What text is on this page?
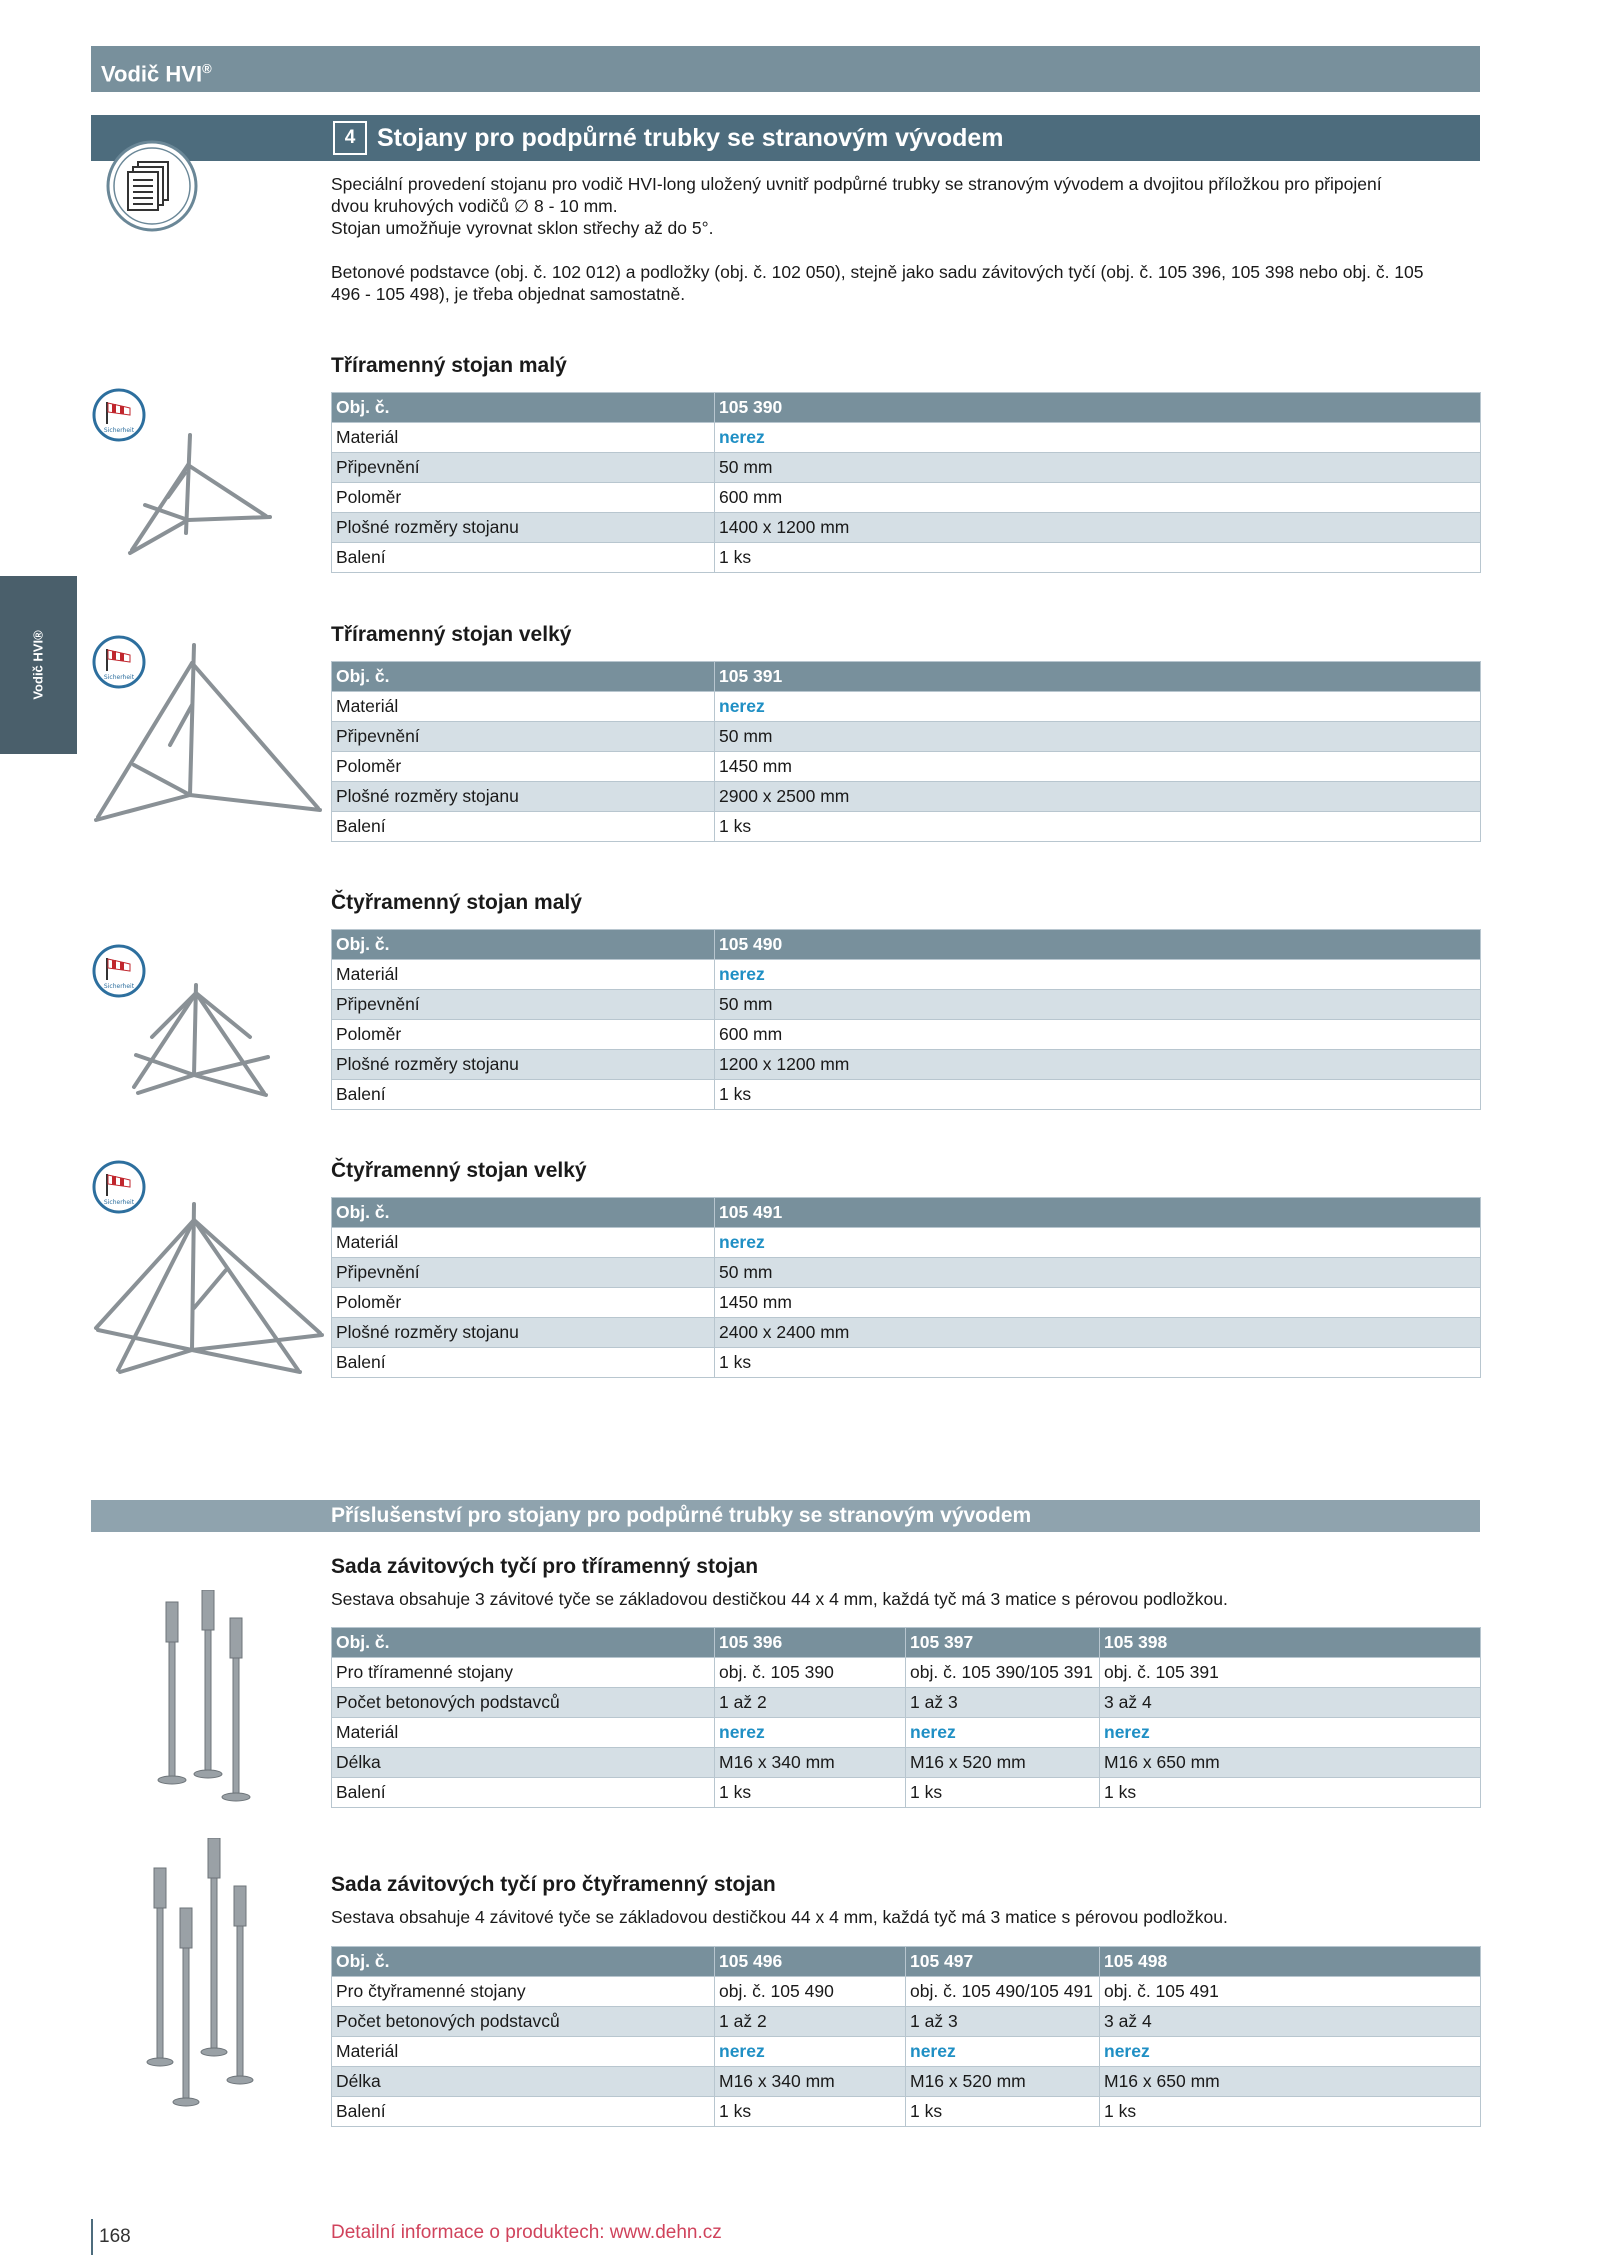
Vodič HVI®
4 Stojany pro podpůrné trubky se stranovým vývodem
Speciální provedení stojanu pro vodič HVI-long uložený uvnitř podpůrné trubky se stranovým vývodem a dvojitou příložkou pro připojení
dvou kruhových vodičů ∅ 8 - 10 mm.
Stojan umožňuje vyrovnat sklon střechy až do 5°.
Betonové podstavce (obj. č. 102 012) a podložky (obj. č. 102 050), stejně jako sadu závitových tyčí (obj. č. 105 396, 105 398 nebo obj. č. 105
496 - 105 498), je třeba objednat samostatně.
Vodič HVI®
Sicherheit
Tříramenný stojan malý
Obj. č.	105 390
Materiál	nerez
Připevnění	50 mm
Poloměr	600 mm
Plošné rozměry stojanu	1400 x 1200 mm
Balení	1 ks
Sicherheit
Tříramenný stojan velký
Obj. č.	105 391
Materiál	nerez
Připevnění	50 mm
Poloměr	1450 mm
Plošné rozměry stojanu	2900 x 2500 mm
Balení	1 ks
Sicherheit
Čtyřramenný stojan malý
Obj. č.	105 490
Materiál	nerez
Připevnění	50 mm
Poloměr	600 mm
Plošné rozměry stojanu	1200 x 1200 mm
Balení	1 ks
Sicherheit
Čtyřramenný stojan velký
Obj. č.	105 491
Materiál	nerez
Připevnění	50 mm
Poloměr	1450 mm
Plošné rozměry stojanu	2400 x 2400 mm
Balení	1 ks
Příslušenství pro stojany pro podpůrné trubky se stranovým vývodem
Sada závitových tyčí pro tříramenný stojan
Sestava obsahuje 3 závitové tyče se základovou destičkou 44 x 4 mm, každá tyč má 3 matice s pérovou podložkou.
Obj. č.	105 396	105 397	105 398
Pro tříramenné stojany	obj. č. 105 390	obj. č. 105 390/105 391	obj. č. 105 391
Počet betonových podstavců	1 až 2	1 až 3	3 až 4
Materiál	nerez	nerez	nerez
Délka	M16 x 340 mm	M16 x 520 mm	M16 x 650 mm
Balení	1 ks	1 ks	1 ks
Sada závitových tyčí pro čtyřramenný stojan
Sestava obsahuje 4 závitové tyče se základovou destičkou 44 x 4 mm, každá tyč má 3 matice s pérovou podložkou.
Obj. č.	105 496	105 497	105 498
Pro čtyřramenné stojany	obj. č. 105 490	obj. č. 105 490/105 491	obj. č. 105 491
Počet betonových podstavců	1 až 2	1 až 3	3 až 4
Materiál	nerez	nerez	nerez
Délka	M16 x 340 mm	M16 x 520 mm	M16 x 650 mm
Balení	1 ks	1 ks	1 ks
168	Detailní informace o produktech: www.dehn.cz
